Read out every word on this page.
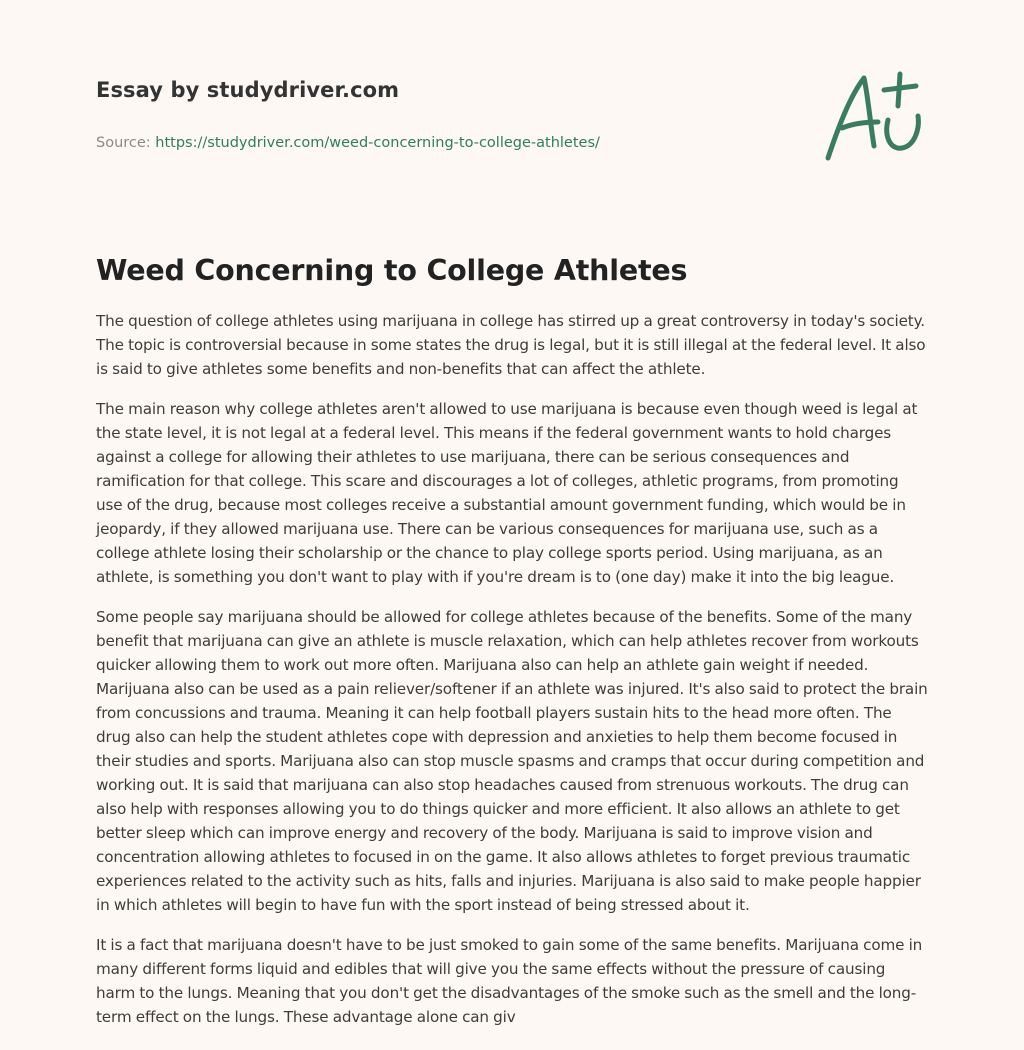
Essay by studydriver.com
Source: https://studydriver.com/weed-concerning-to-college-athletes/
Weed Concerning to College Athletes

The question of college athletes using marijuana in college has stirred up a great controversy in today's society. The topic is controversial because in some states the drug is legal, but it is still illegal at the federal level. It also is said to give athletes some benefits and non-benefits that can affect the athlete.

The main reason why college athletes aren't allowed to use marijuana is because even though weed is legal at the state level, it is not legal at a federal level. This means if the federal government wants to hold charges against a college for allowing their athletes to use marijuana, there can be serious consequences and ramification for that college. This scare and discourages a lot of colleges, athletic programs, from promoting use of the drug, because most colleges receive a substantial amount government funding, which would be in jeopardy, if they allowed marijuana use. There can be various consequences for marijuana use, such as a college athlete losing their scholarship or the chance to play college sports period. Using marijuana, as an athlete, is something you don't want to play with if you're dream is to (one day) make it into the big league.

Some people say marijuana should be allowed for college athletes because of the benefits. Some of the many benefit that marijuana can give an athlete is muscle relaxation, which can help athletes recover from workouts quicker allowing them to work out more often. Marijuana also can help an athlete gain weight if needed. Marijuana also can be used as a pain reliever/softener if an athlete was injured. It's also said to protect the brain from concussions and trauma. Meaning it can help football players sustain hits to the head more often. The drug also can help the student athletes cope with depression and anxieties to help them become focused in their studies and sports. Marijuana also can stop muscle spasms and cramps that occur during competition and working out. It is said that marijuana can also stop headaches caused from strenuous workouts. The drug can also help with responses allowing you to do things quicker and more efficient. It also allows an athlete to get better sleep which can improve energy and recovery of the body. Marijuana is said to improve vision and concentration allowing athletes to focused in on the game. It also allows athletes to forget previous traumatic experiences related to the activity such as hits, falls and injuries. Marijuana is also said to make people happier in which athletes will begin to have fun with the sport instead of being stressed about it.

It is a fact that marijuana doesn't have to be just smoked to gain some of the same benefits. Marijuana come in many different forms liquid and edibles that will give you the same effects without the pressure of causing harm to the lungs. Meaning that you don't get the disadvantages of the smoke such as the smell and the long-term effect on the lungs. These advantage alone can giv
